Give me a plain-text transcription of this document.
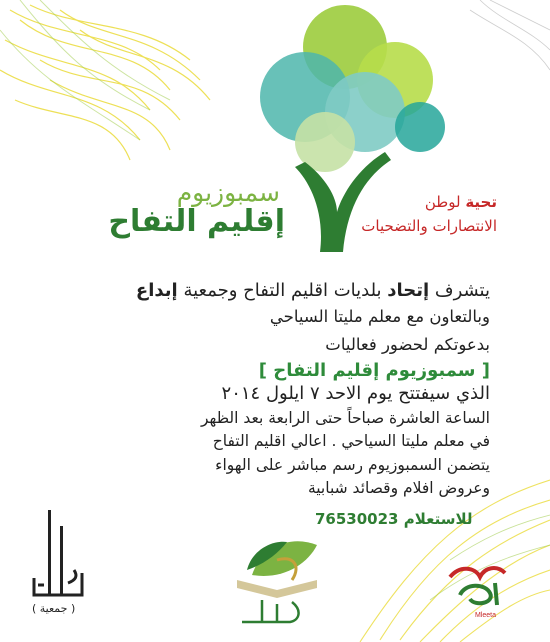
سمبوزيوم
إقليم التفاح
تحية لوطن
الانتصارات والتضحيات
يتشرف إتحاد بلديات اقليم التفاح وجمعية إبداع
وبالتعاون مع معلم مليتا السياحي
بدعوتكم لحضور فعاليات
[ سمبوزيوم إقليم التفاح ]
الذي سيفتتح يوم الاحد ٧ ايلول ٢٠١٤
الساعة العاشرة صباحاً حتى الرابعة بعد الظهر
في معلم مليتا السياحي . اعالي اقليم التفاح
يتضمن السمبوزيوم رسم مباشر على الهواء
وعروض افلام وقصائد شبابية
للاستعلام 76530023
( جمعية )
Mleeta
